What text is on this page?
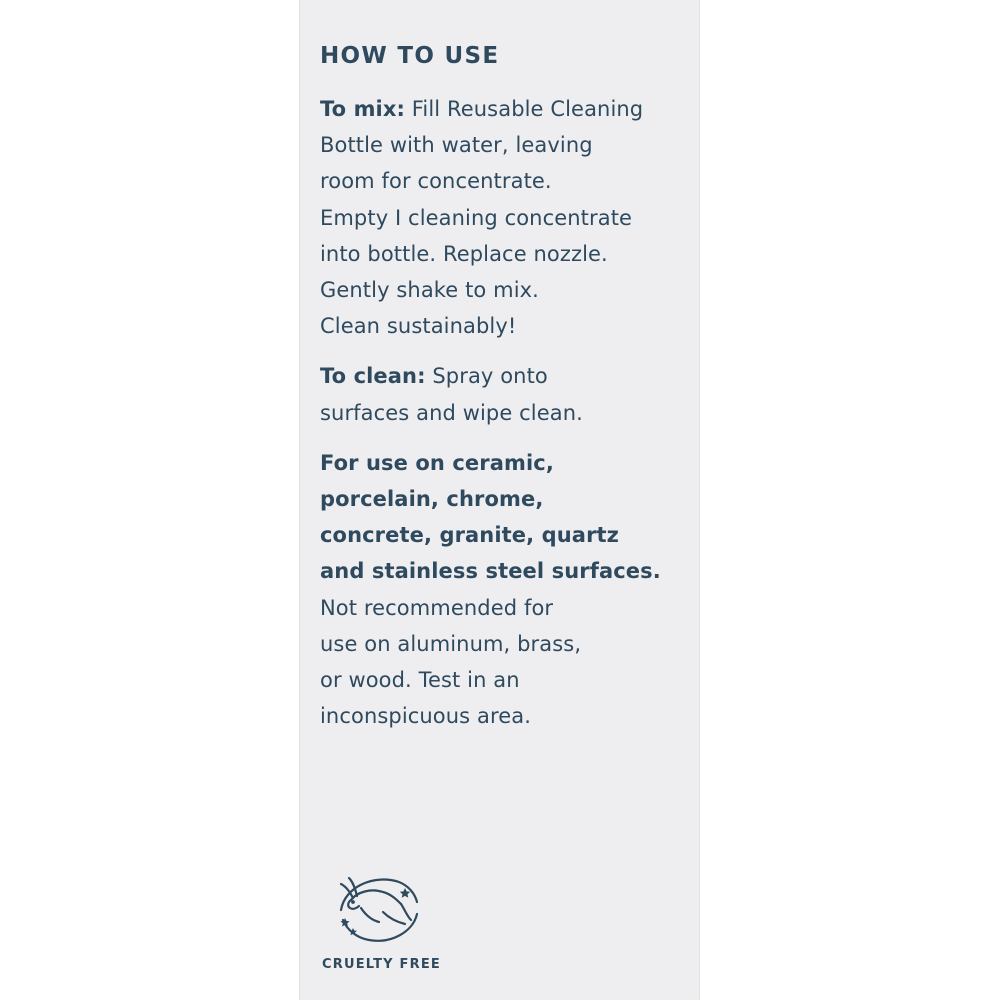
HOW TO USE
To mix: Fill Reusable Cleaning
Bottle with water, leaving
room for concentrate.
Empty I cleaning concentrate
into bottle. Replace nozzle.
Gently shake to mix.
Clean sustainably!
To clean: Spray onto
surfaces and wipe clean.
For use on ceramic,
porcelain, chrome,
concrete, granite, quartz
and stainless steel surfaces.
Not recommended for
use on aluminum, brass,
or wood. Test in an
inconspicuous area.
CRUELTY FREE
